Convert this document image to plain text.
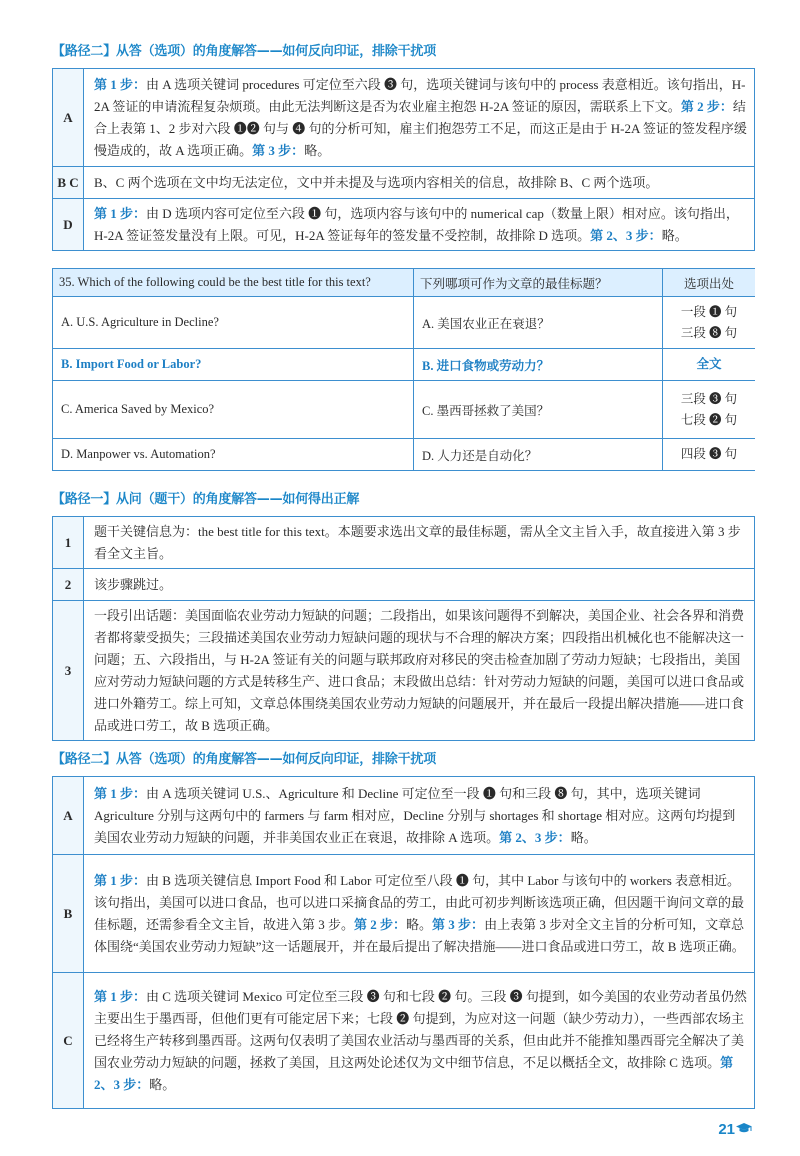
【路径二】从答（选项）的角度解答——如何反向印证，排除干扰项
A	第 1 步：由 A 选项关键词 procedures 可定位至六段 ❸ 句，选项关键词与该句中的 process 表意相近。该句指出，H-2A 签证的申请流程复杂烦琐。由此无法判断这是否为农业雇主抱怨 H-2A 签证的原因，需联系上下文。第 2 步：结合上表第 1、2 步对六段 ❶❷ 句与 ❹ 句的分析可知，雇主们抱怨劳工不足，而这正是由于 H-2A 签证的签发程序缓慢造成的，故 A 选项正确。第 3 步：略。
B C	B、C 两个选项在文中均无法定位，文中并未提及与选项内容相关的信息，故排除 B、C 两个选项。
D	第 1 步：由 D 选项内容可定位至六段 ❶ 句，选项内容与该句中的 numerical cap（数量上限）相对应。该句指出，H-2A 签证签发量没有上限。可见，H-2A 签证每年的签发量不受控制，故排除 D 选项。第 2、3 步：略。
35. Which of the following could be the best title for this text?	下列哪项可作为文章的最佳标题？	选项出处
A. U.S. Agriculture in Decline?	A. 美国农业正在衰退？	一段 ❶ 句
三段 ❽ 句

B. Import Food or Labor?	B. 进口食物或劳动力？	全文

C. America Saved by Mexico?	C. 墨西哥拯救了美国？	三段 ❸ 句
七段 ❷ 句

D. Manpower vs. Automation?	D. 人力还是自动化？	四段 ❸ 句
【路径一】从问（题干）的角度解答——如何得出正解
1	题干关键信息为：the best title for this text。本题要求选出文章的最佳标题，需从全文主旨入手，故直接进入第 3 步看全文主旨。
2	该步骤跳过。
3	一段引出话题：美国面临农业劳动力短缺的问题；二段指出，如果该问题得不到解决，美国企业、社会各界和消费者都将蒙受损失；三段描述美国农业劳动力短缺问题的现状与不合理的解决方案；四段指出机械化也不能解决这一问题；五、六段指出，与 H-2A 签证有关的问题与联邦政府对移民的突击检查加剧了劳动力短缺；七段指出，美国应对劳动力短缺问题的方式是转移生产、进口食品；末段做出总结：针对劳动力短缺的问题，美国可以进口食品或进口外籍劳工。综上可知，文章总体围绕美国农业劳动力短缺的问题展开，并在最后一段提出解决措施——进口食品或进口劳工，故 B 选项正确。
【路径二】从答（选项）的角度解答——如何反向印证，排除干扰项
A	第 1 步：由 A 选项关键词 U.S.、Agriculture 和 Decline 可定位至一段 ❶ 句和三段 ❽ 句，其中，选项关键词 Agriculture 分别与这两句中的 farmers 与 farm 相对应，Decline 分别与 shortages 和 shortage 相对应。这两句均提到美国农业劳动力短缺的问题，并非美国农业正在衰退，故排除 A 选项。第 2、3 步：略。
B	第 1 步：由 B 选项关键信息 Import Food 和 Labor 可定位至八段 ❶ 句，其中 Labor 与该句中的 workers 表意相近。该句指出，美国可以进口食品，也可以进口采摘食品的劳工，由此可初步判断该选项正确，但因题干询问文章的最佳标题，还需参看全文主旨，故进入第 3 步。第 2 步：略。第 3 步：由上表第 3 步对全文主旨的分析可知，文章总体围绕“美国农业劳动力短缺”这一话题展开，并在最后提出了解决措施——进口食品或进口劳工，故 B 选项正确。
C	第 1 步：由 C 选项关键词 Mexico 可定位至三段 ❸ 句和七段 ❷ 句。三段 ❸ 句提到，如今美国的农业劳动者虽仍然主要出生于墨西哥，但他们更有可能定居下来；七段 ❷ 句提到，为应对这一问题（缺少劳动力），一些西部农场主已经将生产转移到墨西哥。这两句仅表明了美国农业活动与墨西哥的关系，但由此并不能推知墨西哥完全解决了美国农业劳动力短缺的问题，拯救了美国，且这两处论述仅为文中细节信息，不足以概括全文，故排除 C 选项。第 2、3 步：略。
21
